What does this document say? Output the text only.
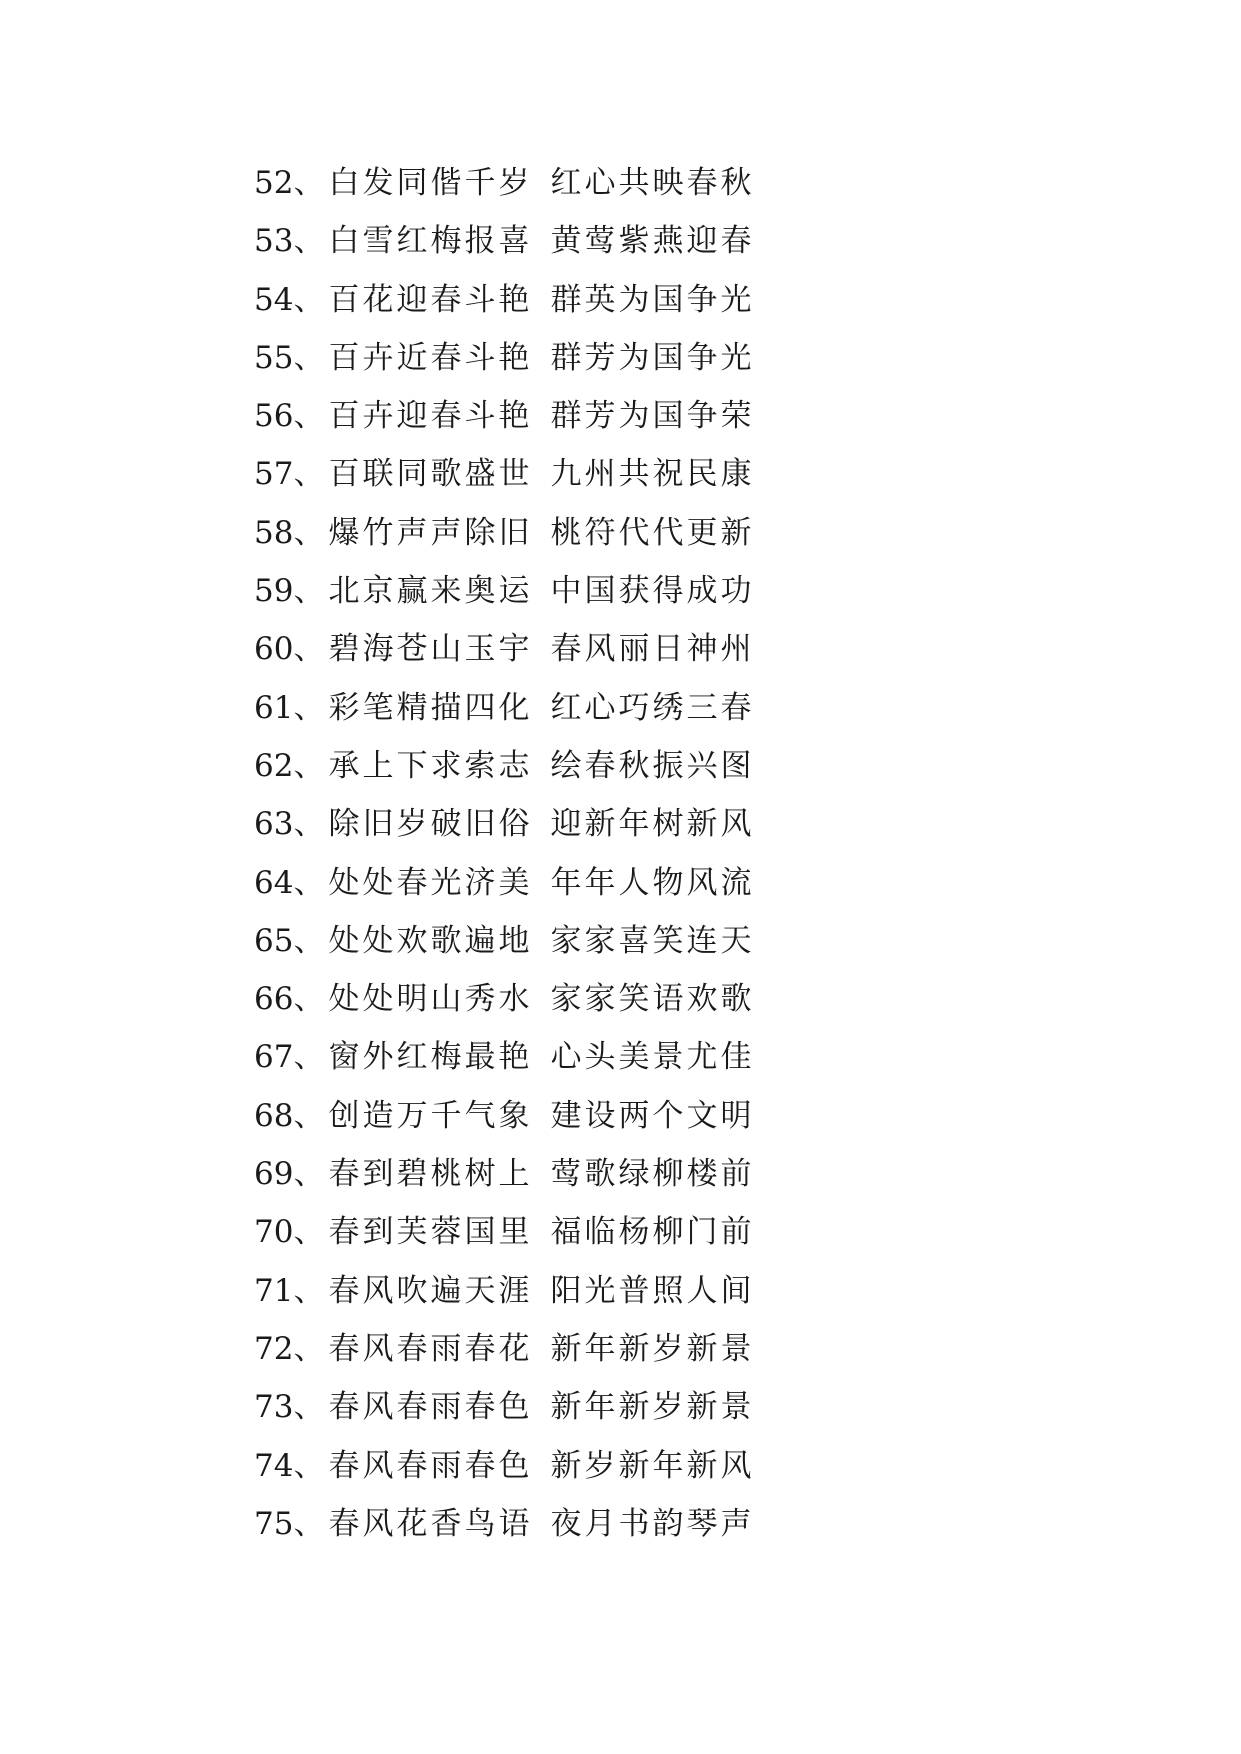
52、 白发同偕千岁 红心共映春秋
53、 白雪红梅报喜 黄莺紫燕迎春
54、 百花迎春斗艳 群英为国争光
55、 百卉近春斗艳 群芳为国争光
56、 百卉迎春斗艳 群芳为国争荣
57、 百联同歌盛世 九州共祝民康
58、 爆竹声声除旧 桃符代代更新
59、 北京赢来奥运 中国获得成功
60、 碧海苍山玉宇 春风丽日神州
61、 彩笔精描四化 红心巧绣三春
62、 承上下求索志 绘春秋振兴图
63、 除旧岁破旧俗 迎新年树新风
64、 处处春光济美 年年人物风流
65、 处处欢歌遍地 家家喜笑连天
66、 处处明山秀水 家家笑语欢歌
67、 窗外红梅最艳 心头美景尤佳
68、 创造万千气象 建设两个文明
69、 春到碧桃树上 莺歌绿柳楼前
70、 春到芙蓉国里 福临杨柳门前
71、 春风吹遍天涯 阳光普照人间
72、 春风春雨春花 新年新岁新景
73、 春风春雨春色 新年新岁新景
74、 春风春雨春色 新岁新年新风
75、 春风花香鸟语 夜月书韵琴声
